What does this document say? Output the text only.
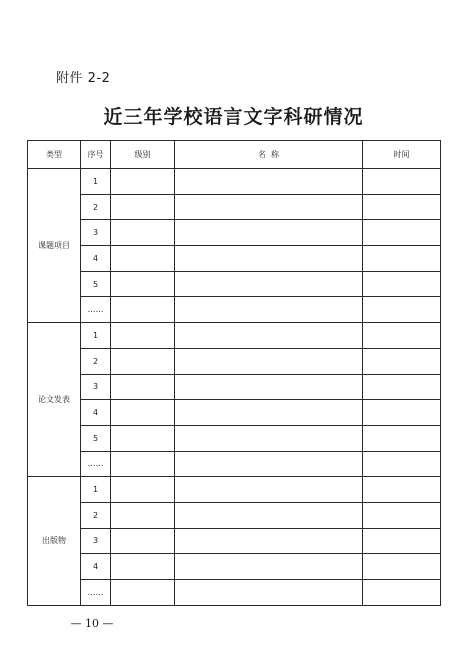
附件 2-2
近三年学校语言文字科研情况
类型	序号	级别	名  称	时间
课题项目	1			
	2			
	3			
	4			
	5			
	……			
论文发表	1			
	2			
	3			
	4			
	5			
	……			
出版物	1			
	2			
	3			
	4			
	……			
— 10 —
